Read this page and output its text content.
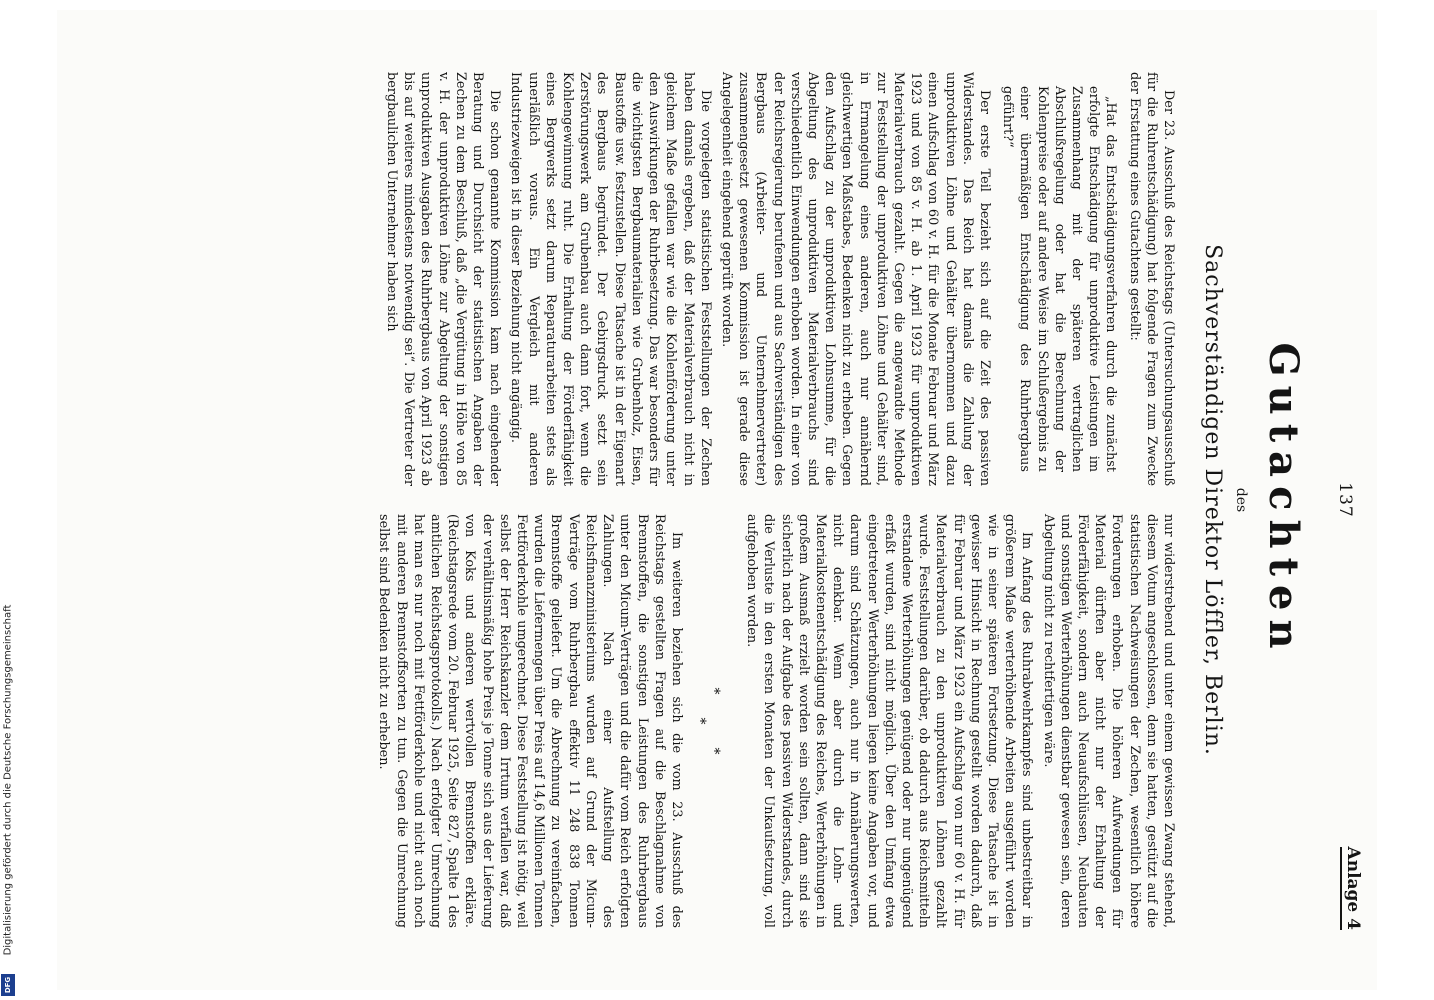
137
Anlage 4
Gutachten
des
Sachverständigen Direktor Löffler, Berlin.

Der 23. Ausschuß des Reichstags (Untersuchungsausschuß für die Ruhrentschädigung) hat folgende Fragen zum Zwecke der Erstattung eines Gutachtens gestellt:

„Hat das Entschädigungsverfahren durch die zunächst erfolgte Entschädigung für unproduktive Leistungen im Zusammenhang mit der späteren vertraglichen Abschlußregelung oder hat die Berechnung der Kohlenpreise oder auf andere Weise im Schlußergebnis zu einer übermäßigen Entschädigung des Ruhrbergbaus geführt?“

Der erste Teil bezieht sich auf die Zeit des passiven Widerstandes. Das Reich hat damals die Zahlung der unproduktiven Löhne und Gehälter übernommen und dazu einen Aufschlag von 60 v. H. für die Monate Februar und März 1923 und von 85 v. H. ab 1. April 1923 für unproduktiven Materialverbrauch gezahlt. Gegen die angewandte Methode zur Feststellung der unproduktiven Löhne und Gehälter sind, in Ermangelung eines anderen, auch nur annähernd gleichwertigen Maßstabes, Bedenken nicht zu erheben. Gegen den Aufschlag zu der unproduktiven Lohnsumme, für die Abgeltung des unproduktiven Materialverbrauchs sind verschiedentlich Einwendungen erhoben worden. In einer von der Reichsregierung berufenen und aus Sachverständigen des Bergbaus (Arbeiter- und Unternehmervertreter) zusammengesetzt gewesenen Kommission ist gerade diese Angelegenheit eingehend geprüft worden.

Die vorgelegten statistischen Feststellungen der Zechen haben damals ergeben, daß der Materialverbrauch nicht in gleichem Maße gefallen war wie die Kohlenförderung unter den Auswirkungen der Ruhrbesetzung. Das war besonders für die wichtigsten Bergbaumaterialien wie Grubenholz, Eisen, Baustoffe usw. festzustellen. Diese Tatsache ist in der Eigenart des Bergbaus begründet. Der Gebirgsdruck setzt sein Zerstörungswerk am Grubenbau auch dann fort, wenn die Kohlengewinnung ruht. Die Erhaltung der Förderfähigkeit eines Bergwerks setzt darum Reparaturarbeiten stets als unerläßlich voraus. Ein Vergleich mit anderen Industriezweigen ist in dieser Beziehung nicht angängig.

Die schon genannte Kommission kam nach eingehender Beratung und Durchsicht der statistischen Angaben der Zechen zu dem Beschluß, daß „die Vergütung in Höhe von 85 v. H. der unproduktiven Löhne zur Abgeltung der sonstigen unproduktiven Ausgaben des Ruhrbergbaus von April 1923 ab bis auf weiteres mindestens notwendig sei“. Die Vertreter der bergbaulichen Unternehmer haben sich

nur widerstrebend und unter einem gewissen Zwang stehend, diesem Votum angeschlossen, denn sie hatten, gestützt auf die statistischen Nachweisungen der Zechen, wesentlich höhere Forderungen erhoben. Die höheren Aufwendungen für Material dürften aber nicht nur der Erhaltung der Förderfähigkeit, sondern auch Neuaufschlüssen, Neubauten und sonstigen Werterhöhungen dienstbar gewesen sein, deren Abgeltung nicht zu rechtfertigen wäre.

Im Anfang des Ruhrabwehrkampfes sind unbestreitbar in größerem Maße werterhöhende Arbeiten ausgeführt worden wie in seiner späteren Fortsetzung. Diese Tatsache ist in gewisser Hinsicht in Rechnung gestellt worden dadurch, daß für Februar und März 1923 ein Aufschlag von nur 60 v. H. für Materialverbrauch zu den unproduktiven Löhnen gezahlt wurde. Feststellungen darüber, ob dadurch aus Reichsmitteln erstandene Werterhöhungen genügend oder nur ungenügend erfaßt wurden, sind nicht möglich. Über den Umfang etwa eingetretener Werterhöhungen liegen keine Angaben vor, und darum sind Schätzungen, auch nur in Annäherungswerten, nicht denkbar. Wenn aber durch die Lohn- und Materialkostenentschädigung des Reiches, Werterhöhungen in großem Ausmaß erzielt worden sein sollten, dann sind sie sicherlich nach der Aufgabe des passiven Widerstandes, durch die Verluste in den ersten Monaten der Unkaufsetzung, voll aufgehoben worden.

***

Im weiteren beziehen sich die vom 23. Ausschuß des Reichstags gestellten Fragen auf die Beschlagnahme von Brennstoffen, die sonstigen Leistungen des Ruhrbergbaus unter den Micum-Verträgen und die dafür vom Reich erfolgten Zahlungen. Nach einer Aufstellung des Reichsfinanzministeriums wurden auf Grund der Micum-Verträge vom Ruhrbergbau effektiv 11 248 838 Tonnen Brennstoffe geliefert. Um die Abrechnung zu vereinfachen, wurden die Liefermengen über Preis auf 14,6 Millionen Tonnen Fettförderkohle umgerechnet. Diese Feststellung ist nötig, weil selbst der Herr Reichskanzler dem Irrtum verfallen war, daß der verhältnismäßig hohe Preis je Tonne sich aus der Lieferung von Koks und anderen wertvollen Brennstoffen erkläre. (Reichstagsrede vom 20. Februar 1925, Seite 827, Spalte 1 des amtlichen Reichstagsprotokolls.) Nach erfolgter Umrechnung hat man es nur noch mit Fettförderkohle und nicht auch noch mit anderen Brennstoffsorten zu tun. Gegen die Umrechnung selbst sind Bedenken nicht zu erheben.

Digitalisierung gefördert durch die Deutsche Forschungsgemeinschaft
DFG
